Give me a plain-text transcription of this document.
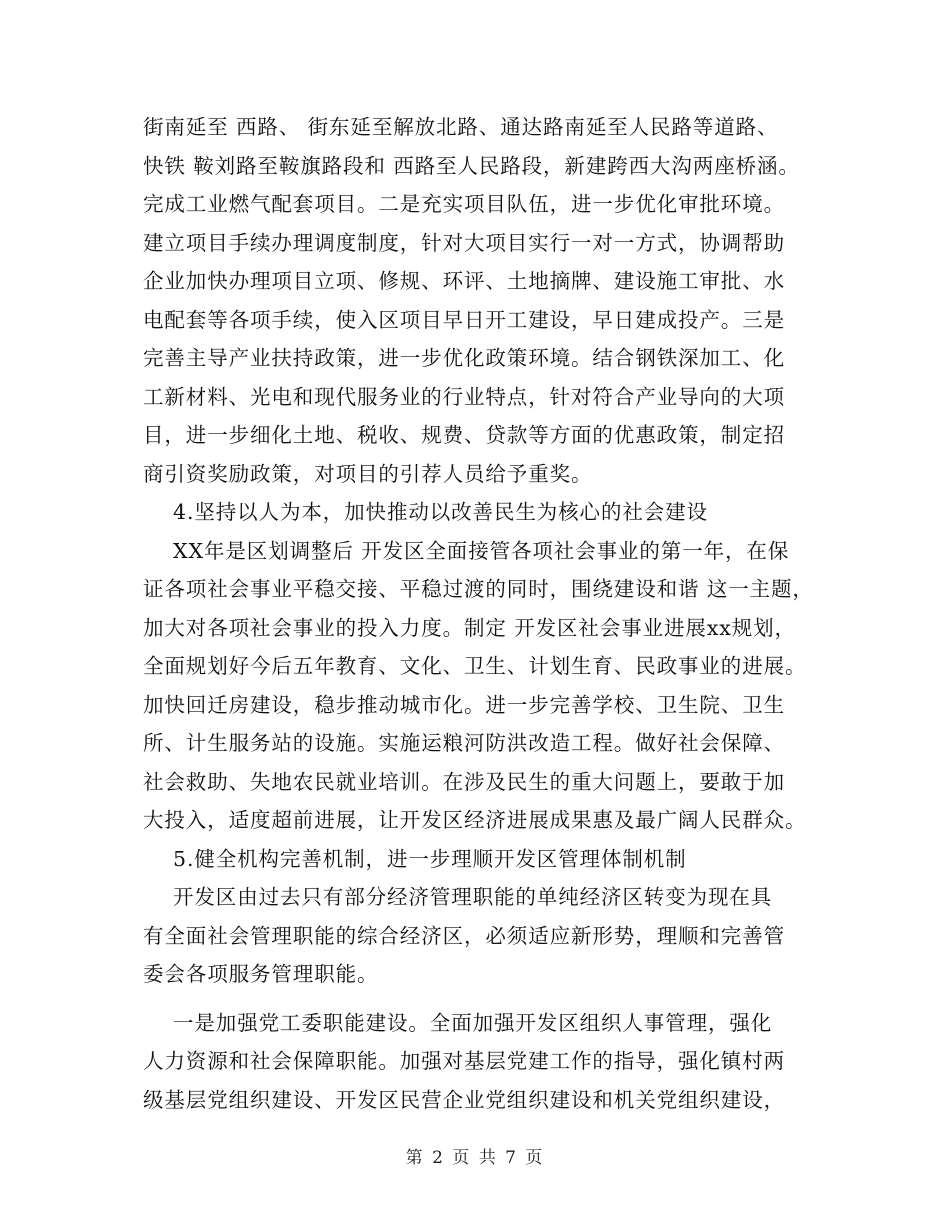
街南延至 西路、 街东延至解放北路、通达路南延至人民路等道路、
快铁 鞍刘路至鞍旗路段和 西路至人民路段，新建跨西大沟两座桥涵。
完成工业燃气配套项目。二是充实项目队伍，进一步优化审批环境。
建立项目手续办理调度制度，针对大项目实行一对一方式，协调帮助
企业加快办理项目立项、修规、环评、土地摘牌、建设施工审批、水
电配套等各项手续，使入区项目早日开工建设，早日建成投产。三是
完善主导产业扶持政策，进一步优化政策环境。结合钢铁深加工、化
工新材料、光电和现代服务业的行业特点，针对符合产业导向的大项
目，进一步细化土地、税收、规费、贷款等方面的优惠政策，制定招
商引资奖励政策，对项目的引荐人员给予重奖。
4.坚持以人为本，加快推动以改善民生为核心的社会建设
XX年是区划调整后 开发区全面接管各项社会事业的第一年，在保
证各项社会事业平稳交接、平稳过渡的同时，围绕建设和谐 这一主题，
加大对各项社会事业的投入力度。制定 开发区社会事业进展xx规划，
全面规划好今后五年教育、文化、卫生、计划生育、民政事业的进展。
加快回迁房建设，稳步推动城市化。进一步完善学校、卫生院、卫生
所、计生服务站的设施。实施运粮河防洪改造工程。做好社会保障、
社会救助、失地农民就业培训。在涉及民生的重大问题上，要敢于加
大投入，适度超前进展，让开发区经济进展成果惠及最广阔人民群众。
5.健全机构完善机制，进一步理顺开发区管理体制机制
开发区由过去只有部分经济管理职能的单纯经济区转变为现在具
有全面社会管理职能的综合经济区，必须适应新形势，理顺和完善管
委会各项服务管理职能。
一是加强党工委职能建设。全面加强开发区组织人事管理，强化
人力资源和社会保障职能。加强对基层党建工作的指导，强化镇村两
级基层党组织建设、开发区民营企业党组织建设和机关党组织建设，
第 2 页 共 7 页
